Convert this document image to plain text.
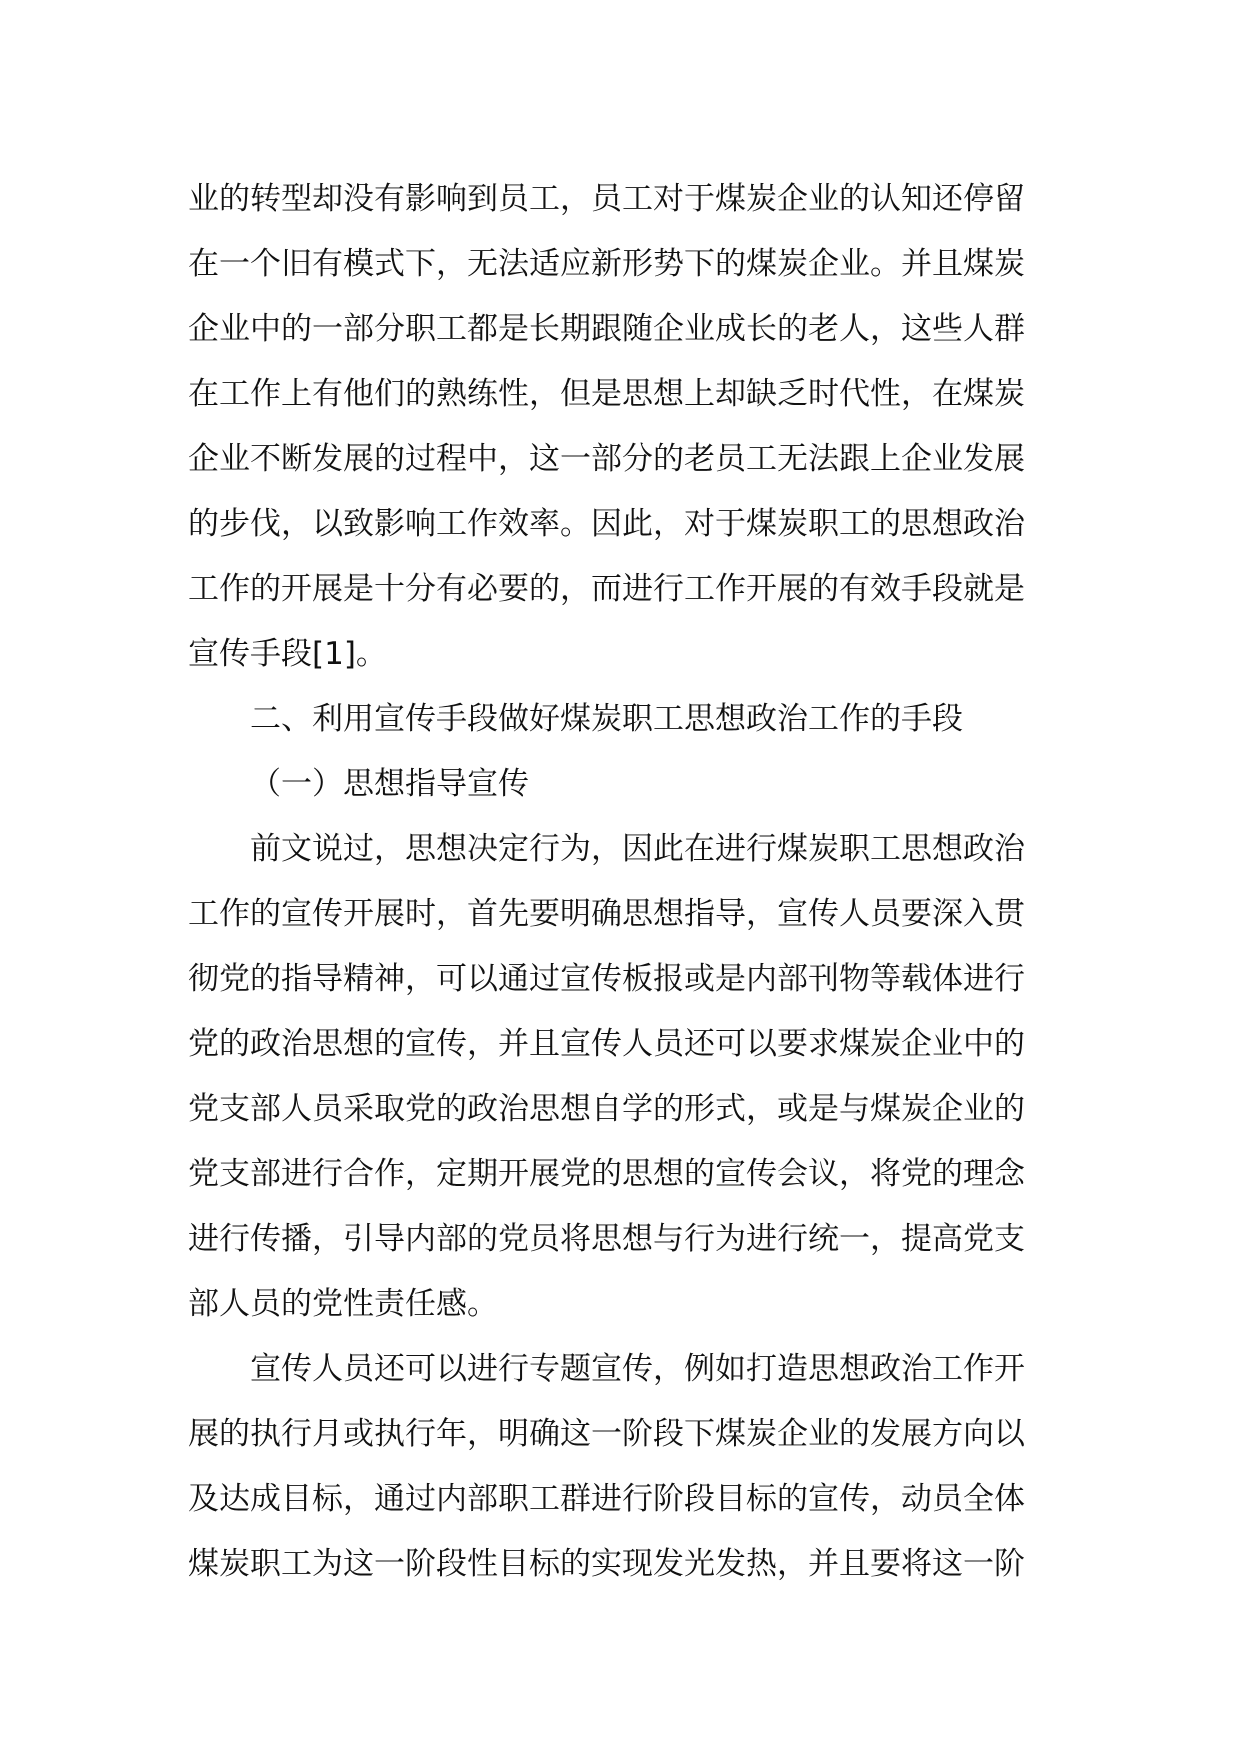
业的转型却没有影响到员工，员工对于煤炭企业的认知还停留
在一个旧有模式下，无法适应新形势下的煤炭企业。并且煤炭
企业中的一部分职工都是长期跟随企业成长的老人，这些人群
在工作上有他们的熟练性，但是思想上却缺乏时代性，在煤炭
企业不断发展的过程中，这一部分的老员工无法跟上企业发展
的步伐，以致影响工作效率。因此，对于煤炭职工的思想政治
工作的开展是十分有必要的，而进行工作开展的有效手段就是
宣传手段[1]。
二、利用宣传手段做好煤炭职工思想政治工作的手段
（一）思想指导宣传
前文说过，思想决定行为，因此在进行煤炭职工思想政治
工作的宣传开展时，首先要明确思想指导，宣传人员要深入贯
彻党的指导精神，可以通过宣传板报或是内部刊物等载体进行
党的政治思想的宣传，并且宣传人员还可以要求煤炭企业中的
党支部人员采取党的政治思想自学的形式，或是与煤炭企业的
党支部进行合作，定期开展党的思想的宣传会议，将党的理念
进行传播，引导内部的党员将思想与行为进行统一，提高党支
部人员的党性责任感。
宣传人员还可以进行专题宣传，例如打造思想政治工作开
展的执行月或执行年，明确这一阶段下煤炭企业的发展方向以
及达成目标，通过内部职工群进行阶段目标的宣传，动员全体
煤炭职工为这一阶段性目标的实现发光发热，并且要将这一阶
